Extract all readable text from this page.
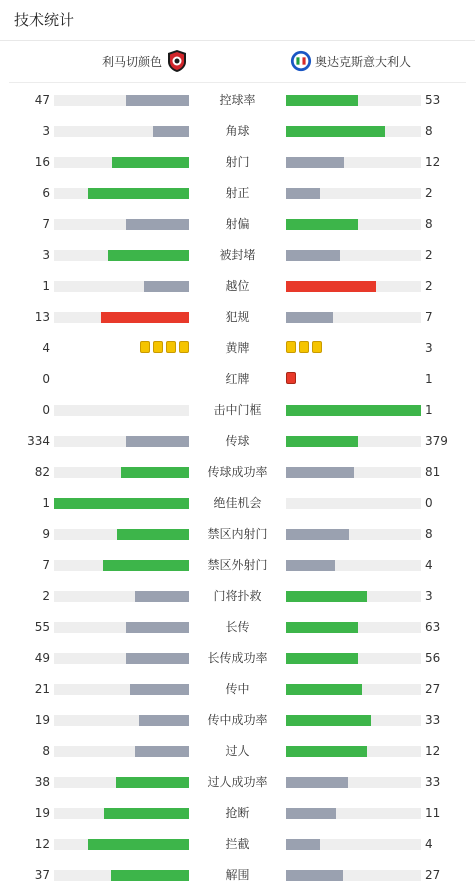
技术统计
利马切颜色	奥达克斯意大利人
47	控球率	53
3	角球	8
16	射门	12
6	射正	2
7	射偏	8
3	被封堵	2
1	越位	2
13	犯规	7
4	黄牌	3
0	红牌	1
0	击中门框	1
334	传球	379
82	传球成功率	81
1	绝佳机会	0
9	禁区内射门	8
7	禁区外射门	4
2	门将扑救	3
55	长传	63
49	长传成功率	56
21	传中	27
19	传中成功率	33
8	过人	12
38	过人成功率	33
19	抢断	11
12	拦截	4
37	解围	27
